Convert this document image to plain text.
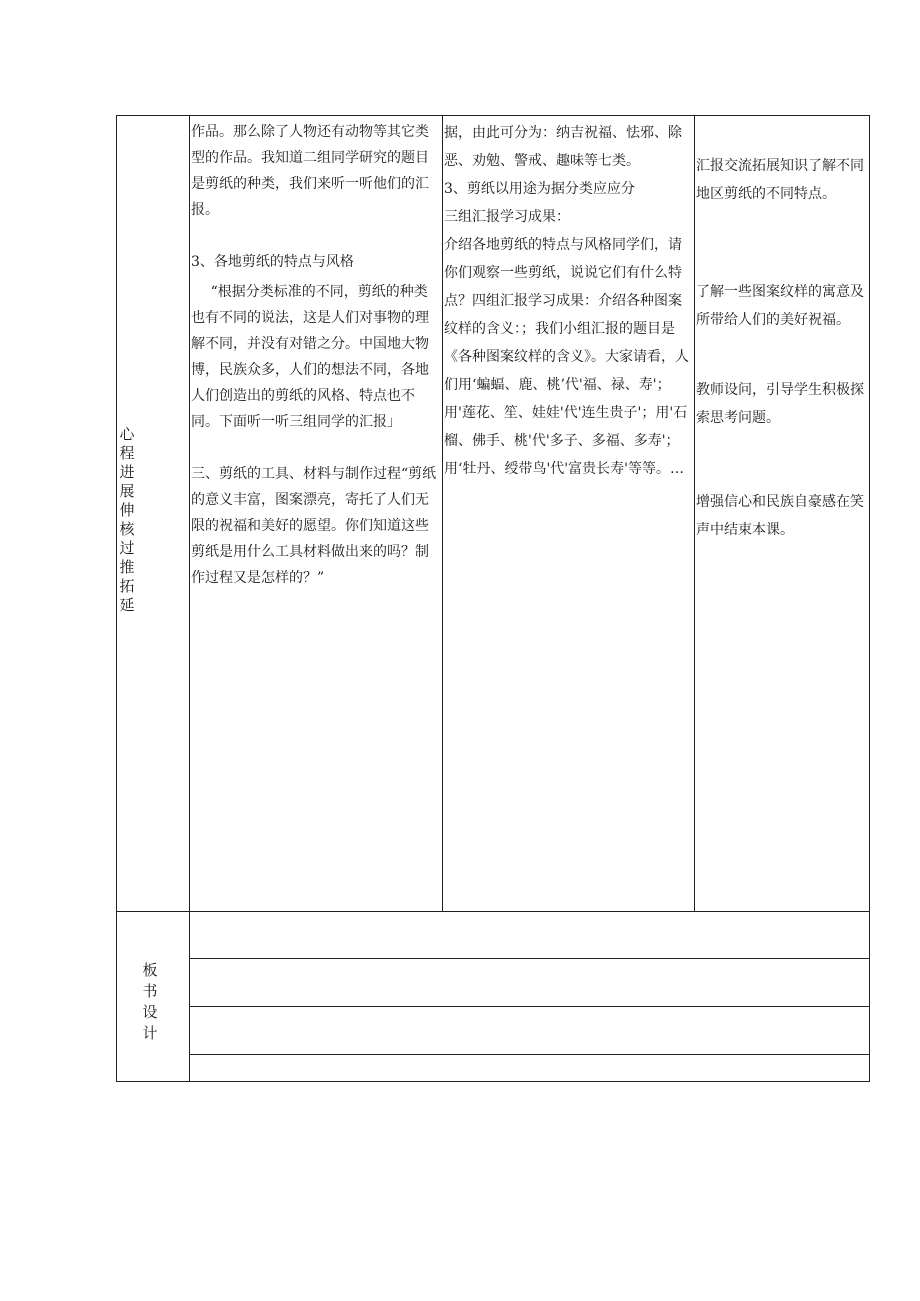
心
程
进
展
伸
核
过
推
拓
延

作品。那么除了人物还有动物等其它类型的作品。我知道二组同学研究的题目是剪纸的种类，我们来听一听他们的汇报。

3、各地剪纸的特点与风格

“根据分类标准的不同，剪纸的种类也有不同的说法，这是人们对事物的理解不同，并没有对错之分。中国地大物博，民族众多，人们的想法不同，各地人们创造出的剪纸的风格、特点也不同。下面听一听三组同学的汇报」

三、剪纸的工具、材料与制作过程“剪纸的意义丰富，图案漂亮，寄托了人们无限的祝福和美好的愿望。你们知道这些剪纸是用什么工具材料做出来的吗？制作过程又是怎样的？”

据，由此可分为：纳吉祝福、怯邪、除恶、劝勉、警戒、趣味等七类。

3、剪纸以用途为据分类应应分

三组汇报学习成果：

介绍各地剪纸的特点与风格同学们，请你们观察一些剪纸，说说它们有什么特点？四组汇报学习成果：介绍各种图案纹样的含义：；我们小组汇报的题目是《各种图案纹样的含义》。大家请看，人们用‘蝙蝠、鹿、桃’代'福、禄、寿'；用'莲花、笙、娃娃'代'连生贵子'；用'石榴、佛手、桃'代'多子、多福、多寿'；用‘牡丹、绶带鸟'代'富贵长寿'等等。…

汇报交流拓展知识了解不同地区剪纸的不同特点。

了解一些图案纹样的寓意及所带给人们的美好祝福。

教师设问，引导学生积极探索思考问题。

增强信心和民族自豪感在笑声中结束本课。

板
书
设
计
